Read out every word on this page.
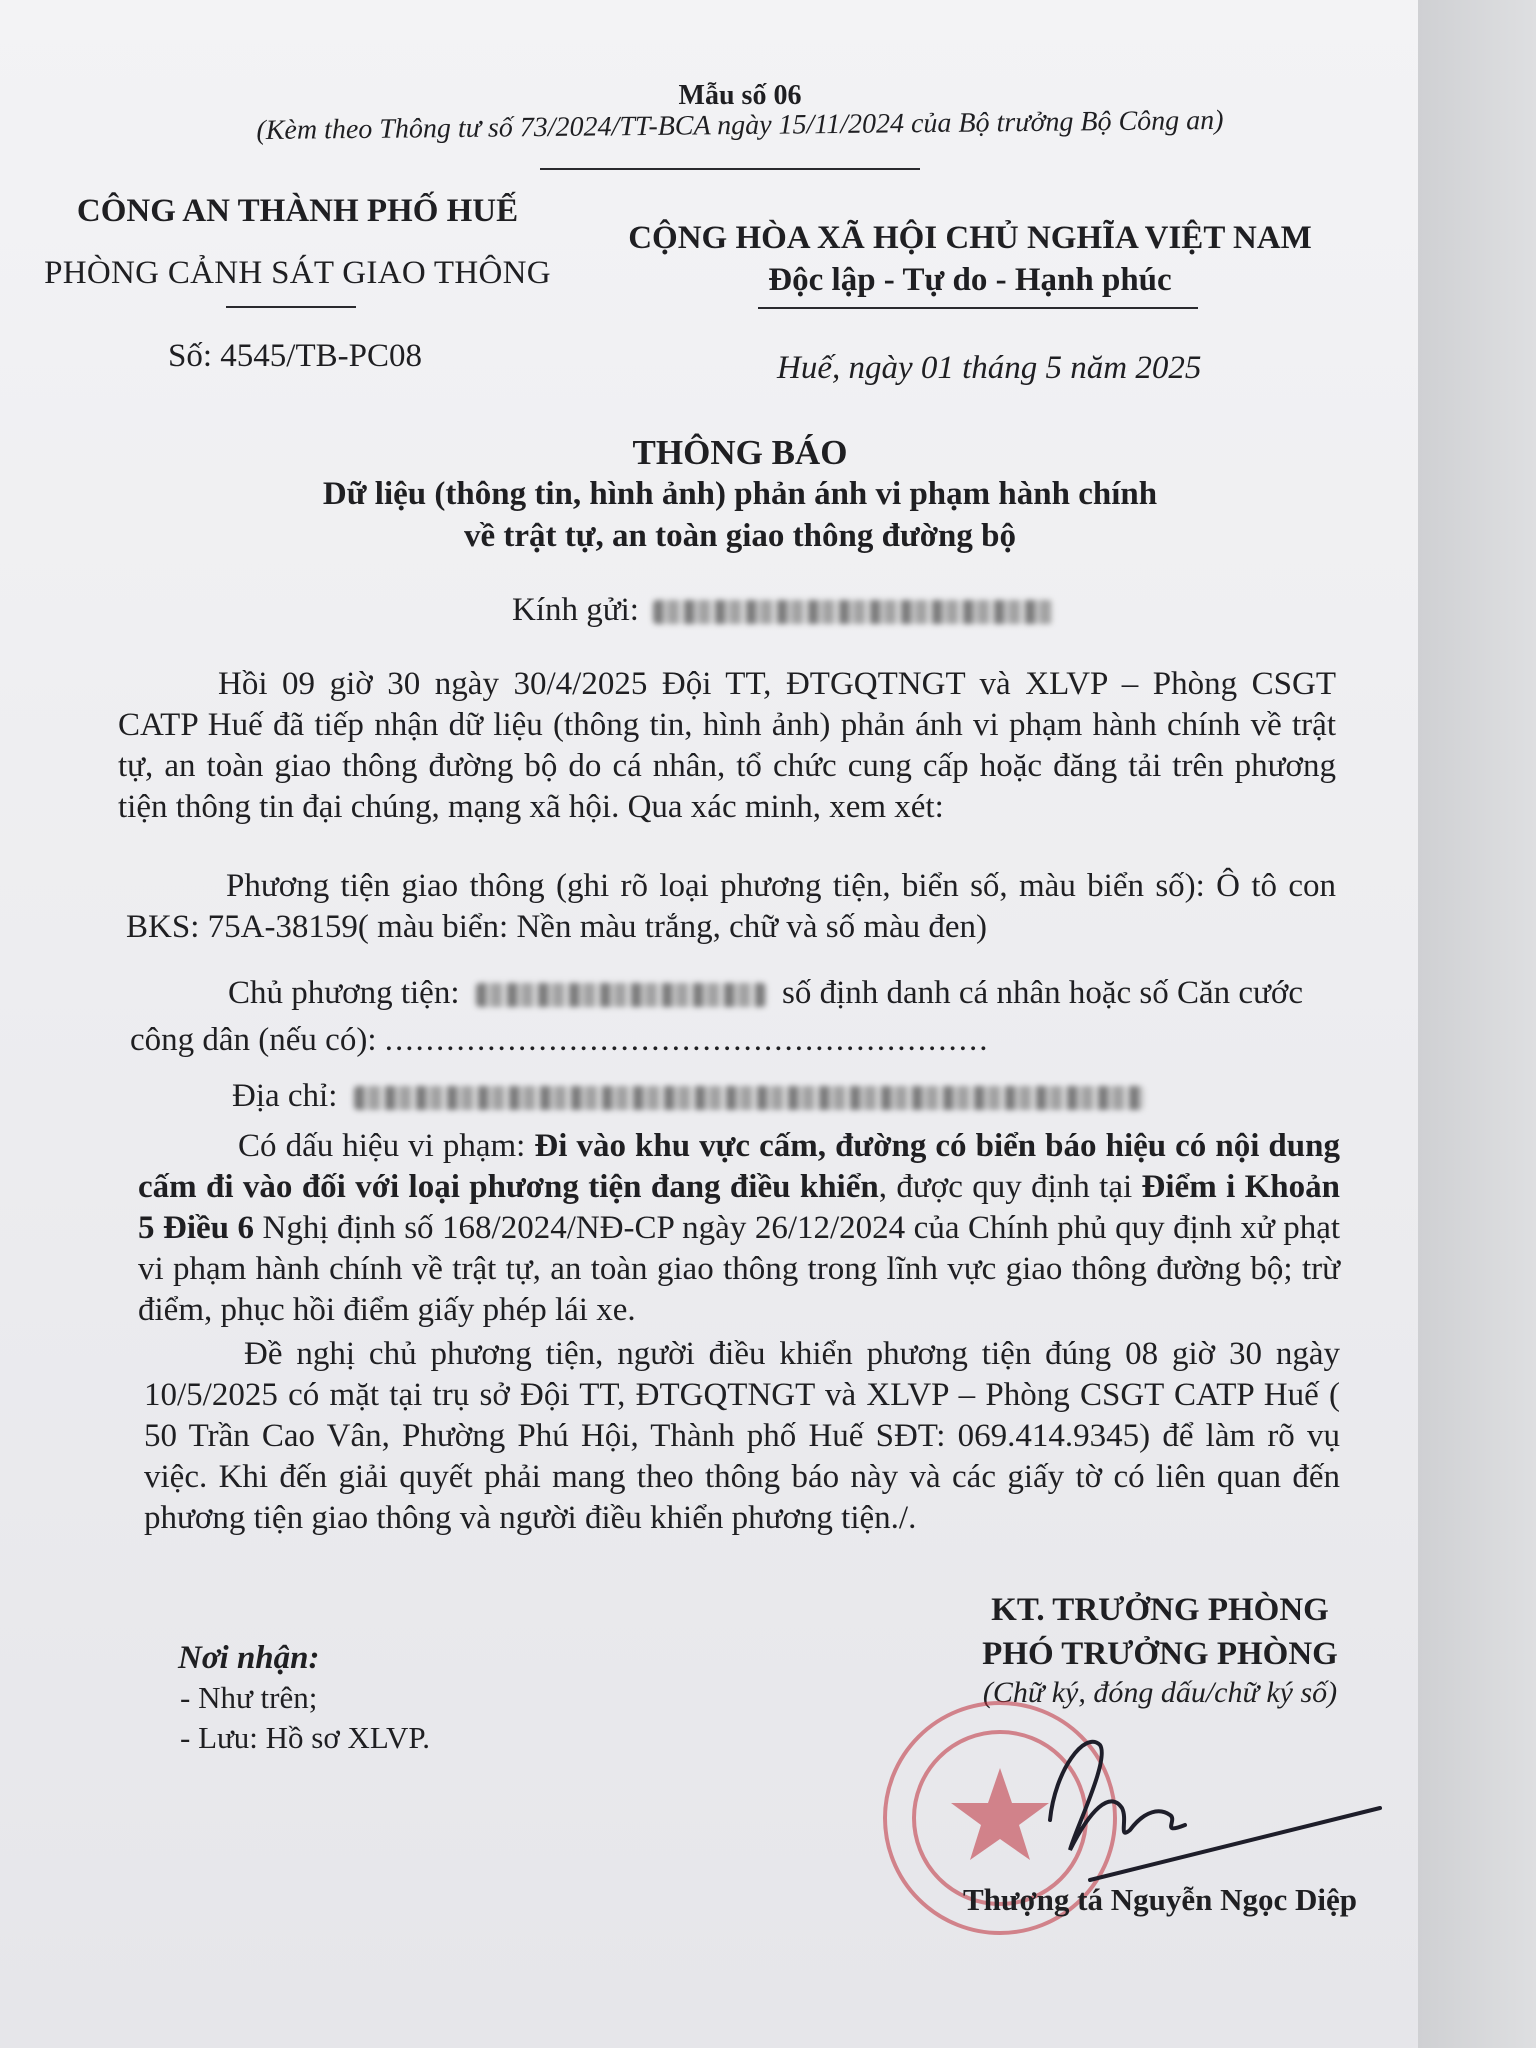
Mẫu số 06
(Kèm theo Thông tư số 73/2024/TT-BCA ngày 15/11/2024 của Bộ trưởng Bộ Công an)
CÔNG AN THÀNH PHỐ HUẾ
PHÒNG CẢNH SÁT GIAO THÔNG
Số: 4545/TB-PC08
CỘNG HÒA XÃ HỘI CHỦ NGHĨA VIỆT NAM
Độc lập - Tự do - Hạnh phúc
Huế, ngày 01 tháng 5 năm 2025
THÔNG BÁO
Dữ liệu (thông tin, hình ảnh) phản ánh vi phạm hành chính
về trật tự, an toàn giao thông đường bộ
Kính gửi:
Hồi 09 giờ 30 ngày 30/4/2025 Đội TT, ĐTGQTNGT và XLVP – Phòng CSGT CATP Huế đã tiếp nhận dữ liệu (thông tin, hình ảnh) phản ánh vi phạm hành chính về trật tự, an toàn giao thông đường bộ do cá nhân, tổ chức cung cấp hoặc đăng tải trên phương tiện thông tin đại chúng, mạng xã hội. Qua xác minh, xem xét:
Phương tiện giao thông (ghi rõ loại phương tiện, biển số, màu biển số): Ô tô con BKS: 75A-38159( màu biển: Nền màu trắng, chữ và số màu đen)
Chủ phương tiện:	số định danh cá nhân hoặc số Căn cước
công dân (nếu có): ...........................................................
Địa chỉ:
Có dấu hiệu vi phạm: Đi vào khu vực cấm, đường có biển báo hiệu có nội dung cấm đi vào đối với loại phương tiện đang điều khiển, được quy định tại Điểm i Khoản 5 Điều 6 Nghị định số 168/2024/NĐ-CP ngày 26/12/2024 của Chính phủ quy định xử phạt vi phạm hành chính về trật tự, an toàn giao thông trong lĩnh vực giao thông đường bộ; trừ điểm, phục hồi điểm giấy phép lái xe.
Đề nghị chủ phương tiện, người điều khiển phương tiện đúng 08 giờ 30 ngày 10/5/2025 có mặt tại trụ sở Đội TT, ĐTGQTNGT và XLVP – Phòng CSGT CATP Huế ( 50 Trần Cao Vân, Phường Phú Hội, Thành phố Huế SĐT: 069.414.9345) để làm rõ vụ việc. Khi đến giải quyết phải mang theo thông báo này và các giấy tờ có liên quan đến phương tiện giao thông và người điều khiển phương tiện./.
Nơi nhận:
- Như trên;
- Lưu: Hồ sơ XLVP.
KT. TRƯỞNG PHÒNG
PHÓ TRƯỞNG PHÒNG
(Chữ ký, đóng dấu/chữ ký số)
Thượng tá Nguyễn Ngọc Diệp
